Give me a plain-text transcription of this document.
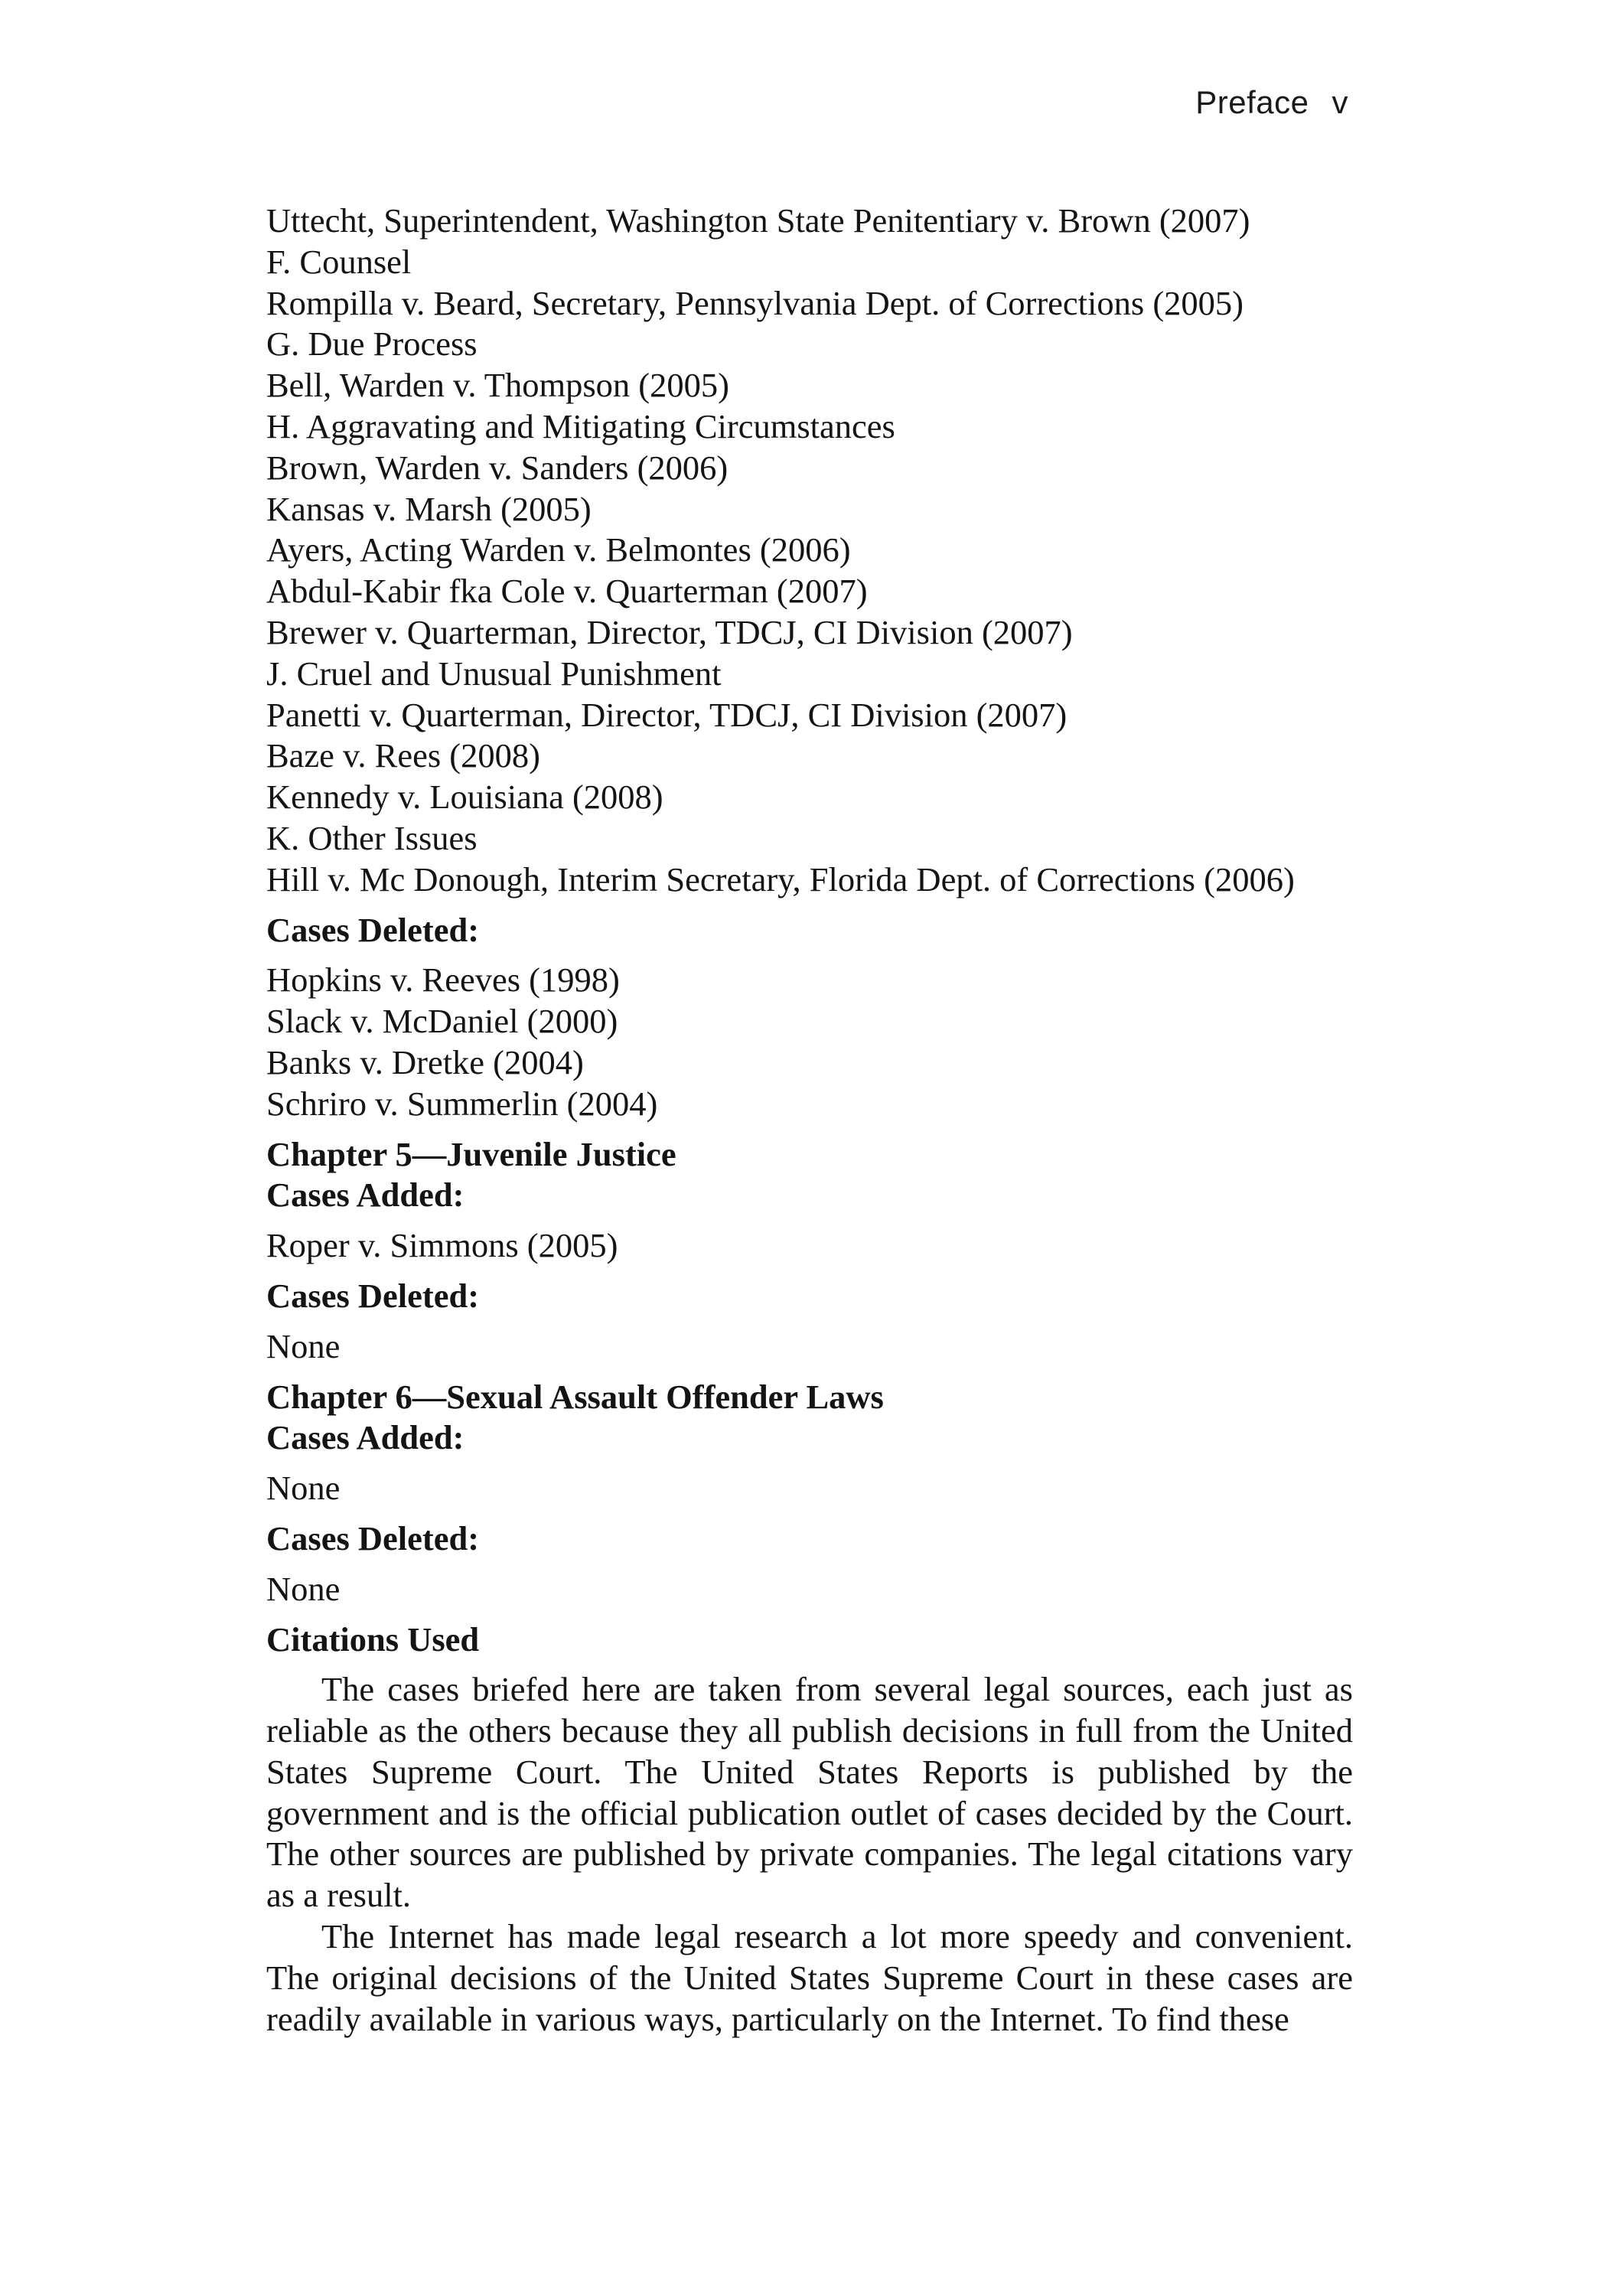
Preface v

Uttecht, Superintendent, Washington State Penitentiary v. Brown (2007)

F. Counsel

Rompilla v. Beard, Secretary, Pennsylvania Dept. of Corrections (2005)

G. Due Process

Bell, Warden v. Thompson (2005)

H. Aggravating and Mitigating Circumstances

Brown, Warden v. Sanders (2006)

Kansas v. Marsh (2005)

Ayers, Acting Warden v. Belmontes (2006)

Abdul-Kabir fka Cole v. Quarterman (2007)

Brewer v. Quarterman, Director, TDCJ, CI Division (2007)

J. Cruel and Unusual Punishment

Panetti v. Quarterman, Director, TDCJ, CI Division (2007)

Baze v. Rees (2008)

Kennedy v. Louisiana (2008)

K. Other Issues

Hill v. Mc Donough, Interim Secretary, Florida Dept. of Corrections (2006)

Cases Deleted:

Hopkins v. Reeves (1998)

Slack v. McDaniel (2000)

Banks v. Dretke (2004)

Schriro v. Summerlin (2004)

Chapter 5—Juvenile Justice

Cases Added:

Roper v. Simmons (2005)

Cases Deleted:

None

Chapter 6—Sexual Assault Offender Laws

Cases Added:

None

Cases Deleted:

None

Citations Used

The cases briefed here are taken from several legal sources, each just as reliable as the others because they all publish decisions in full from the United States Supreme Court. The United States Reports is published by the government and is the official publication outlet of cases decided by the Court. The other sources are published by private companies. The legal citations vary as a result.

The Internet has made legal research a lot more speedy and convenient. The original decisions of the United States Supreme Court in these cases are readily available in various ways, particularly on the Internet. To find these
